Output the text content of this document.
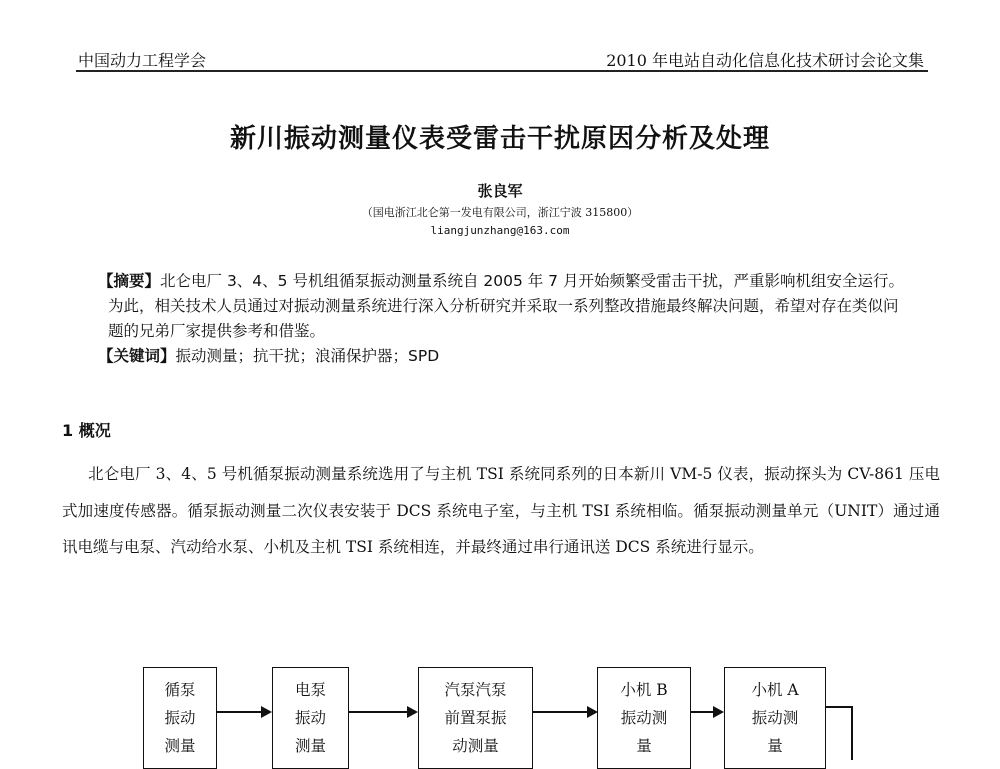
中国动力工程学会	2010 年电站自动化信息化技术研讨会论文集
新川振动测量仪表受雷击干扰原因分析及处理
张良军
（国电浙江北仑第一发电有限公司，浙江宁波 315800）
liangjunzhang@163.com

【摘要】北仑电厂 3、4、5 号机组循泵振动测量系统自 2005 年 7 月开始频繁受雷击干扰，严重影响机组安全运行。为此，相关技术人员通过对振动测量系统进行深入分析研究并采取一系列整改措施最终解决问题，希望对存在类似问题的兄弟厂家提供参考和借鉴。

【关键词】振动测量；抗干扰；浪涌保护器；SPD

1 概况
北仑电厂 3、4、5 号机循泵振动测量系统选用了与主机 TSI 系统同系列的日本新川 VM-5 仪表，振动探头为 CV-861 压电式加速度传感器。循泵振动测量二次仪表安装于 DCS 系统电子室，与主机 TSI 系统相临。循泵振动测量单元（UNIT）通过通讯电缆与电泵、汽动给水泵、小机及主机 TSI 系统相连，并最终通过串行通讯送 DCS 系统进行显示。
循泵
振动
测量
电泵
振动
测量
汽泵汽泵
前置泵振
动测量
小机 B
振动测
量
小机 A
振动测
量
